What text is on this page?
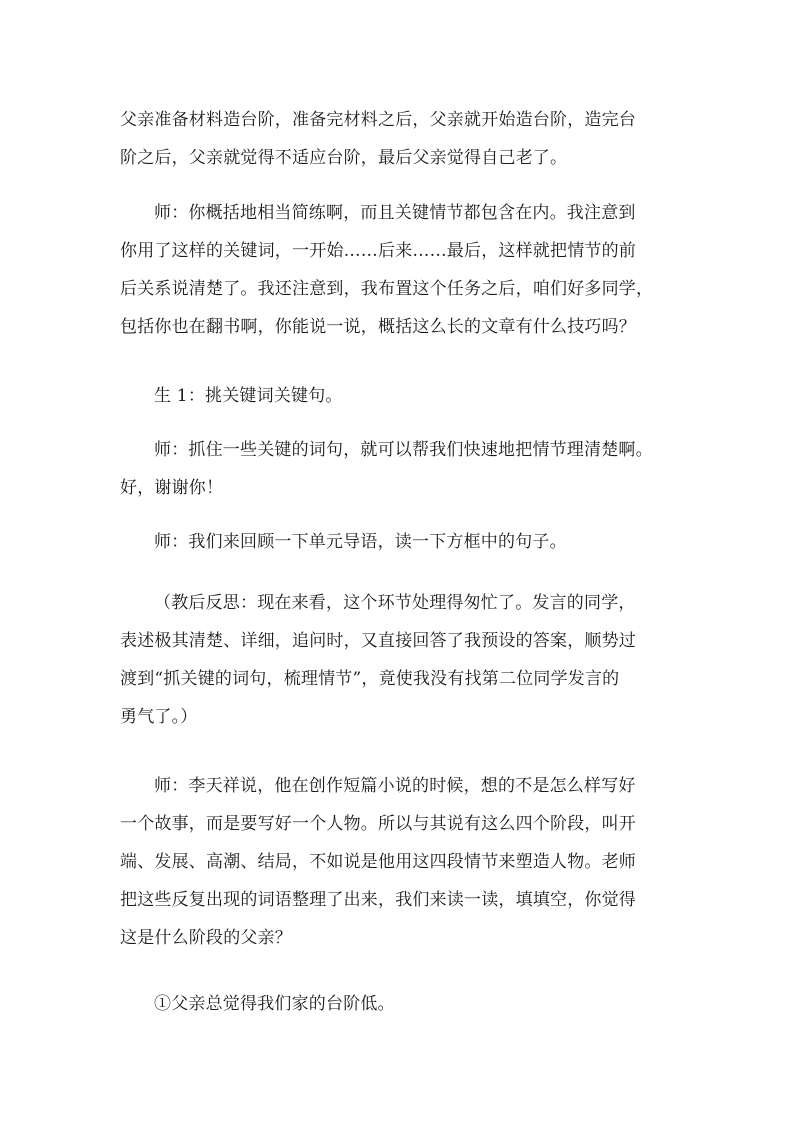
父亲准备材料造台阶，准备完材料之后，父亲就开始造台阶，造完台
阶之后，父亲就觉得不适应台阶，最后父亲觉得自己老了。
师：你概括地相当简练啊，而且关键情节都包含在内。我注意到
你用了这样的关键词，一开始……后来……最后，这样就把情节的前
后关系说清楚了。我还注意到，我布置这个任务之后，咱们好多同学，
包括你也在翻书啊，你能说一说，概括这么长的文章有什么技巧吗？
生 1：挑关键词关键句。
师：抓住一些关键的词句，就可以帮我们快速地把情节理清楚啊。
好，谢谢你！
师：我们来回顾一下单元导语，读一下方框中的句子。
（教后反思：现在来看，这个环节处理得匆忙了。发言的同学，
表述极其清楚、详细，追问时，又直接回答了我预设的答案，顺势过
渡到“抓关键的词句，梳理情节”，竟使我没有找第二位同学发言的
勇气了。）
师：李天祥说，他在创作短篇小说的时候，想的不是怎么样写好
一个故事，而是要写好一个人物。所以与其说有这么四个阶段，叫开
端、发展、高潮、结局，不如说是他用这四段情节来塑造人物。老师
把这些反复出现的词语整理了出来，我们来读一读，填填空，你觉得
这是什么阶段的父亲？
①父亲总觉得我们家的台阶低。
